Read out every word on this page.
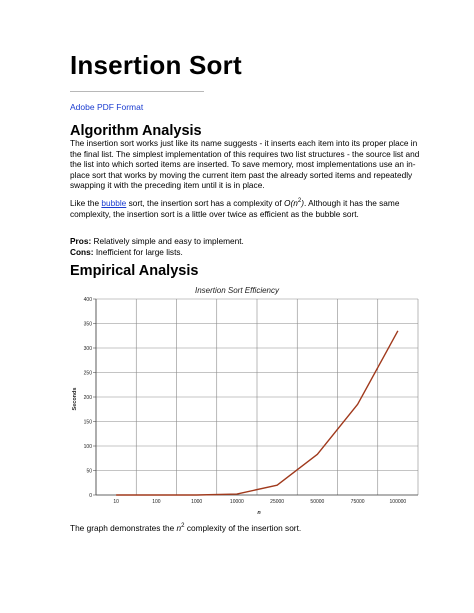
Insertion Sort
Adobe PDF Format
Algorithm Analysis

The insertion sort works just like its name suggests - it inserts each item into its proper place in the final list. The simplest implementation of this requires two list structures - the source list and the list into which sorted items are inserted. To save memory, most implementations use an in-place sort that works by moving the current item past the already sorted items and repeatedly swapping it with the preceding item until it is in place.

Like the bubble sort, the insertion sort has a complexity of $O(n^2)$. Although it has the same complexity, the insertion sort is a little over twice as efficient as the bubble sort.

Pros: Relatively simple and easy to implement.
Cons: Inefficient for large lists.

Empirical Analysis
Insertion Sort Efficiency
0
50
100
150
200
250
300
350
400
10	100	1000	10000	25000	50000	75000	100000
Seconds
n

The graph demonstrates the $n^2$ complexity of the insertion sort.
